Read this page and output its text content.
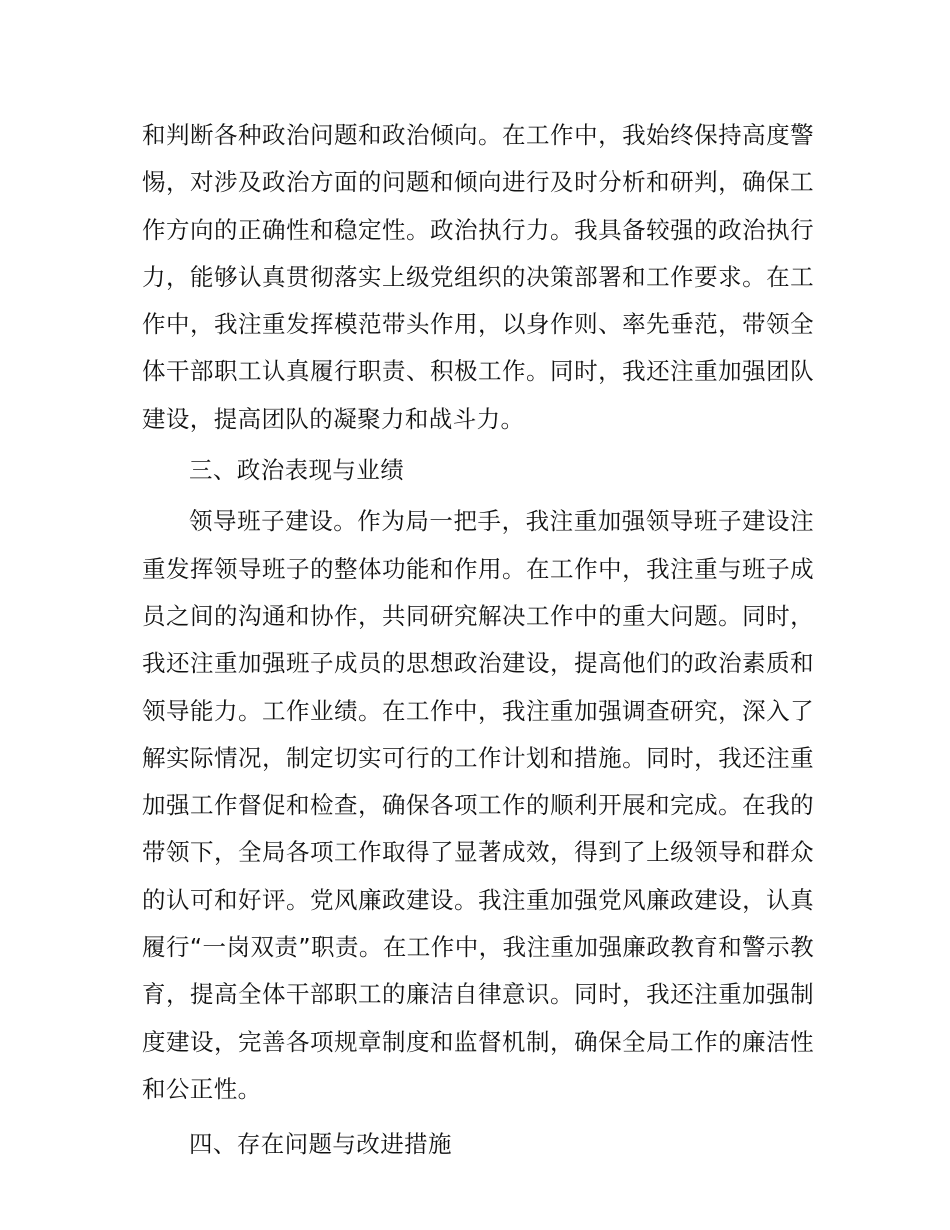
和判断各种政治问题和政治倾向。在工作中，我始终保持高度警惕，对涉及政治方面的问题和倾向进行及时分析和研判，确保工作方向的正确性和稳定性。政治执行力。我具备较强的政治执行力，能够认真贯彻落实上级党组织的决策部署和工作要求。在工作中，我注重发挥模范带头作用，以身作则、率先垂范，带领全体干部职工认真履行职责、积极工作。同时，我还注重加强团队建设，提高团队的凝聚力和战斗力。

三、政治表现与业绩

领导班子建设。作为局一把手，我注重加强领导班子建设注重发挥领导班子的整体功能和作用。在工作中，我注重与班子成员之间的沟通和协作，共同研究解决工作中的重大问题。同时，我还注重加强班子成员的思想政治建设，提高他们的政治素质和领导能力。工作业绩。在工作中，我注重加强调查研究，深入了解实际情况，制定切实可行的工作计划和措施。同时，我还注重加强工作督促和检查，确保各项工作的顺利开展和完成。在我的带领下，全局各项工作取得了显著成效，得到了上级领导和群众的认可和好评。党风廉政建设。我注重加强党风廉政建设，认真履行“一岗双责”职责。在工作中，我注重加强廉政教育和警示教育，提高全体干部职工的廉洁自律意识。同时，我还注重加强制度建设，完善各项规章制度和监督机制，确保全局工作的廉洁性和公正性。

四、存在问题与改进措施
